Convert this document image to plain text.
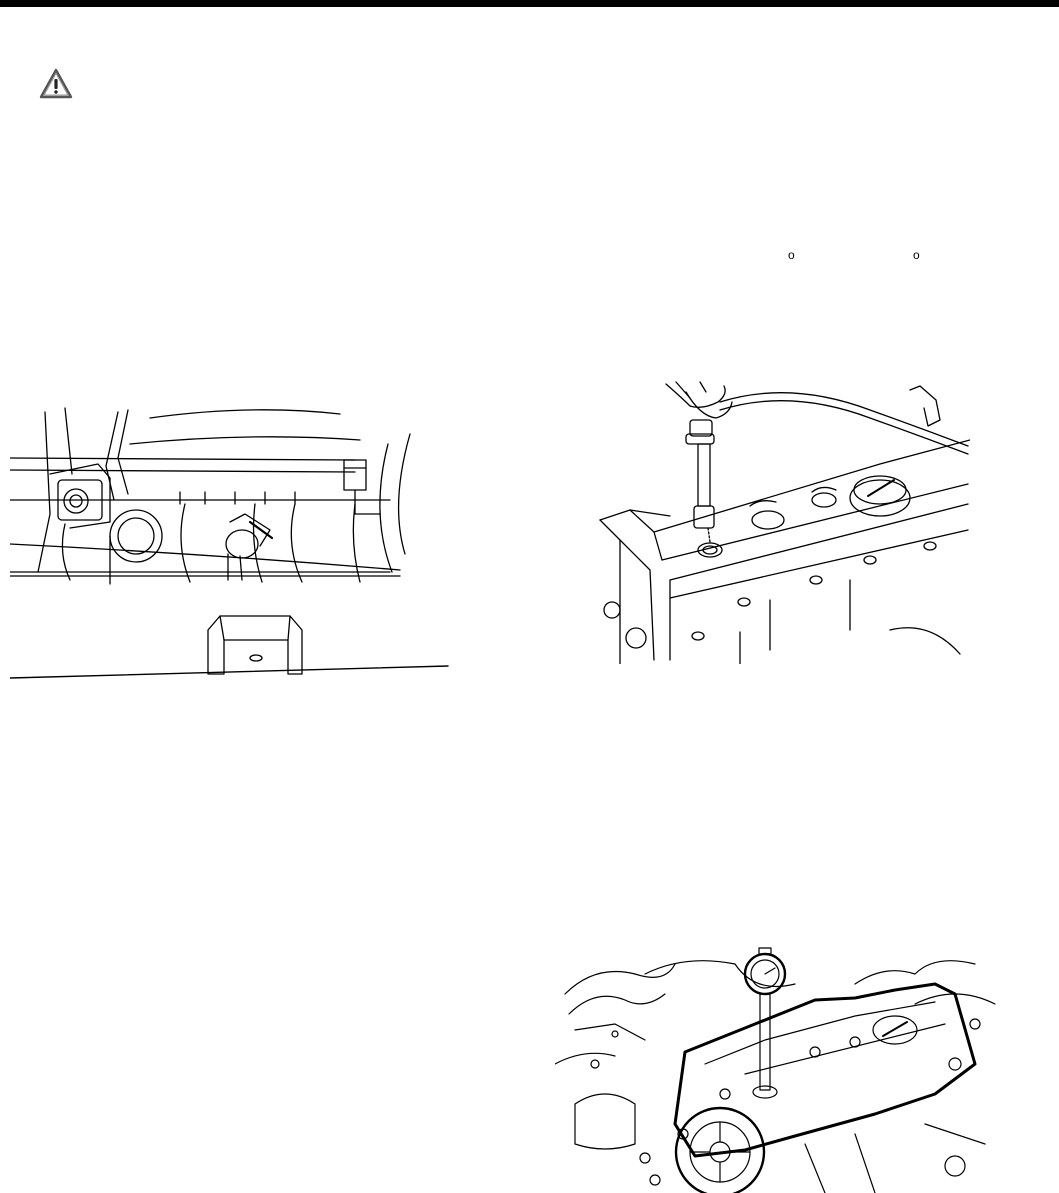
o	o
